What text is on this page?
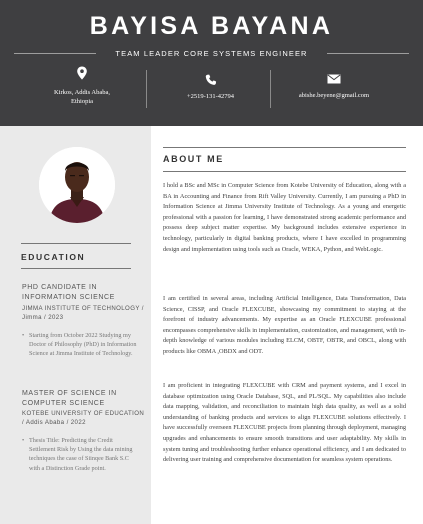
BAYISA BAYANA
TEAM LEADER CORE SYSTEMS ENGINEER
Kirkos, Addis Ababa,
Ethiopia
+2519-131-42794	abishe.beyene@gmail.com
EDUCATION
PHD CANDIDATE IN INFORMATION SCIENCE
JIMMA INSTITUTE OF TECHNOLOGY / Jimma / 2023
• Starting from October 2022 Studying my Doctor of Philosophy (PhD) in Information Science at Jimma Institute of Technology.
MASTER OF SCIENCE IN COMPUTER SCIENCE
KOTEBE UNIVERSITY OF EDUCATION / Addis Ababa / 2022
• Thesis Title: Predicting the Credit Settlement Risk by Using the data mining techniques the case of Siinqee Bank S.C with a Distinction Grade point.
ABOUT ME
I hold a BSc and MSc in Computer Science from Kotebe University of Education, along with a BA in Accounting and Finance from Rift Valley University. Currently, I am pursuing a PhD in Information Science at Jimma University Institute of Technology. As a young and energetic professional with a passion for learning, I have demonstrated strong academic performance and possess deep subject matter expertise. My background includes extensive experience in technology, particularly in digital banking products, where I have excelled in programming design and implementation using tools such as Oracle, WEKA, Python, and WebLogic.
I am certified in several areas, including Artificial Intelligence, Data Transformation, Data Science, CISSP, and Oracle FLEXCUBE, showcasing my commitment to staying at the forefront of industry advancements. My expertise as an Oracle FLEXCUBE professional encompasses comprehensive skills in implementation, customization, and management, with in-depth knowledge of various modules including ELCM, OBTF, OBTR, and OBCL, along with products like OBMA ,OBDX and ODT.
I am proficient in integrating FLEXCUBE with CRM and payment systems, and I excel in database optimization using Oracle Database, SQL, and PL/SQL. My capabilities also include data mapping, validation, and reconciliation to maintain high data quality, as well as a solid understanding of banking products and services to align FLEXCUBE solutions effectively. I have successfully overseen FLEXCUBE projects from planning through deployment, managing upgrades and enhancements to ensure smooth transitions and user adaptability. My skills in system tuning and troubleshooting further enhance operational efficiency, and I am dedicated to delivering user training and comprehensive documentation for seamless system operations.
